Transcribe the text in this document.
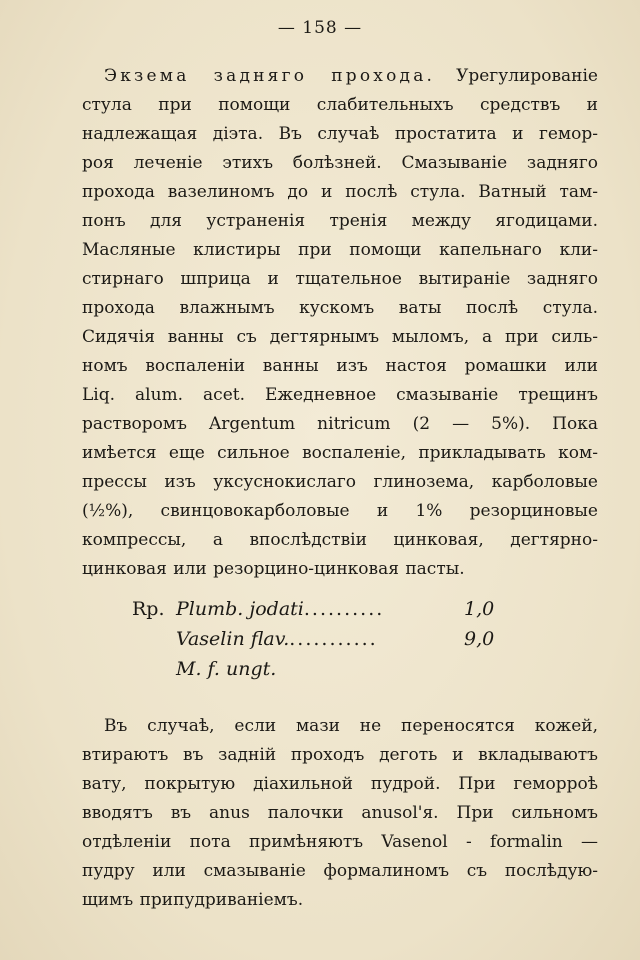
— 158 —
Экзема задняго прохода. Урегулированіе
стула при помощи слабительныхъ средствъ и
надлежащая діэта. Въ случаѣ простатита и гемор-
роя леченіе этихъ болѣзней. Смазываніе задняго
прохода вазелиномъ до и послѣ стула. Ватный там-
понъ для устраненія тренія между ягодицами.
Масляные клистиры при помощи капельнаго кли-
стирнаго шприца и тщательное вытираніе задняго
прохода влажнымъ кускомъ ваты послѣ стула.
Сидячія ванны съ дегтярнымъ мыломъ, а при силь-
номъ воспаленіи ванны изъ настоя ромашки или
Liq. alum. acet. Ежедневное смазываніе трещинъ
растворомъ Argentum nitricum (2 — 5%). Пока
имѣется еще сильное воспаленіе, прикладывать ком-
прессы изъ уксуснокислаго глинозема, карболовые
(½%), свинцовокарболовые и 1% резорциновые
компрессы, а впослѣдствіи цинковая, дегтярно-
цинковая или резорцино-цинковая пасты.
Rp. Plumb. jodati..........	1,0
Vaselin flav............	9,0
M. f. ungt.
Въ случаѣ, если мази не переносятся кожей,
втираютъ въ задній проходъ деготь и вкладываютъ
вату, покрытую діахильной пудрой. При геморроѣ
вводятъ въ anus палочки anusol'я. При сильномъ
отдѣленіи пота примѣняютъ Vasenol - formalin —
пудру или смазываніе формалиномъ съ послѣдую-
щимъ припудриваніемъ.
